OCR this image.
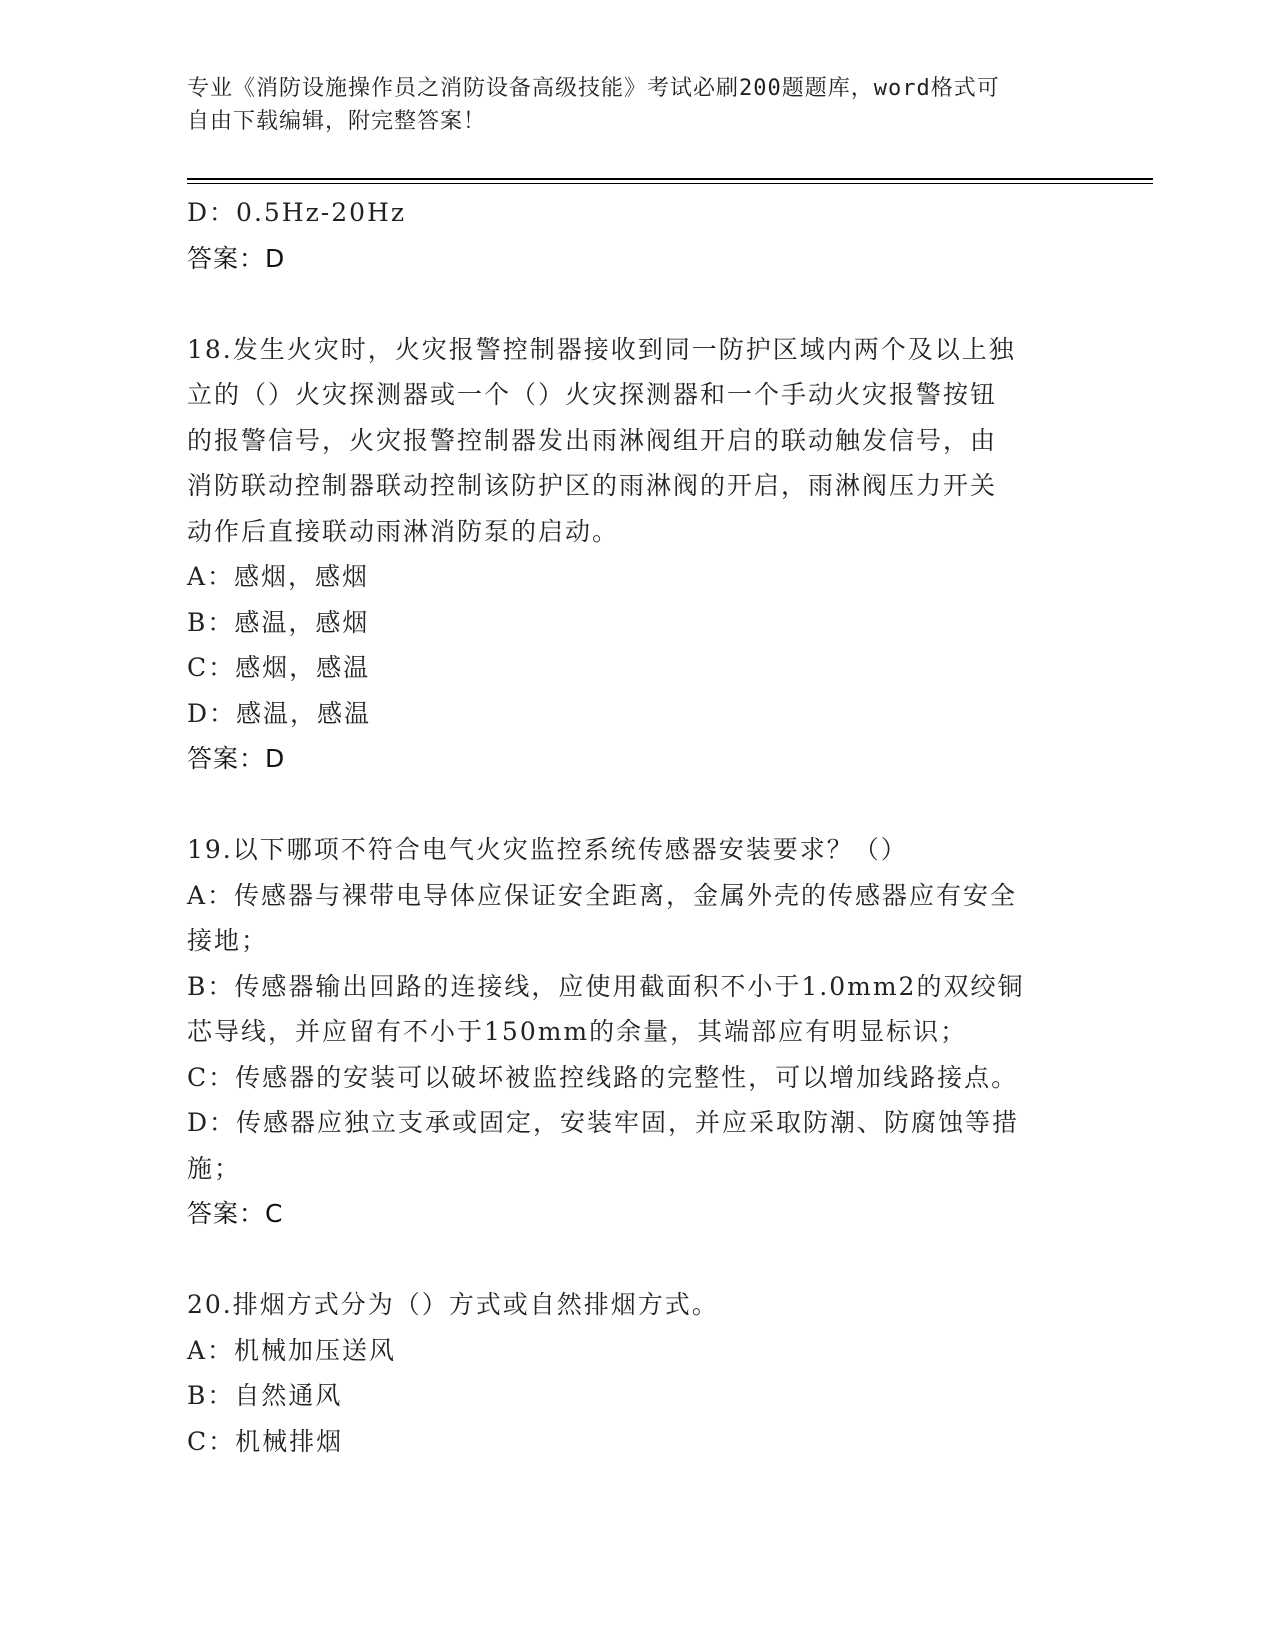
专业《消防设施操作员之消防设备高级技能》考试必刷200题题库，word格式可
自由下载编辑，附完整答案！
D：0.5Hz-20Hz
答案：D
18.发生火灾时，火灾报警控制器接收到同一防护区域内两个及以上独
立的（）火灾探测器或一个（）火灾探测器和一个手动火灾报警按钮
的报警信号，火灾报警控制器发出雨淋阀组开启的联动触发信号，由
消防联动控制器联动控制该防护区的雨淋阀的开启，雨淋阀压力开关
动作后直接联动雨淋消防泵的启动。
A：感烟，感烟
B：感温，感烟
C：感烟，感温
D：感温，感温
答案：D
19.以下哪项不符合电气火灾监控系统传感器安装要求？（）
A：传感器与裸带电导体应保证安全距离，金属外壳的传感器应有安全
接地；
B：传感器输出回路的连接线，应使用截面积不小于1.0mm2的双绞铜
芯导线，并应留有不小于150mm的余量，其端部应有明显标识；
C：传感器的安装可以破坏被监控线路的完整性，可以增加线路接点。
D：传感器应独立支承或固定，安装牢固，并应采取防潮、防腐蚀等措
施；
答案：C
20.排烟方式分为（）方式或自然排烟方式。
A：机械加压送风
B：自然通风
C：机械排烟
